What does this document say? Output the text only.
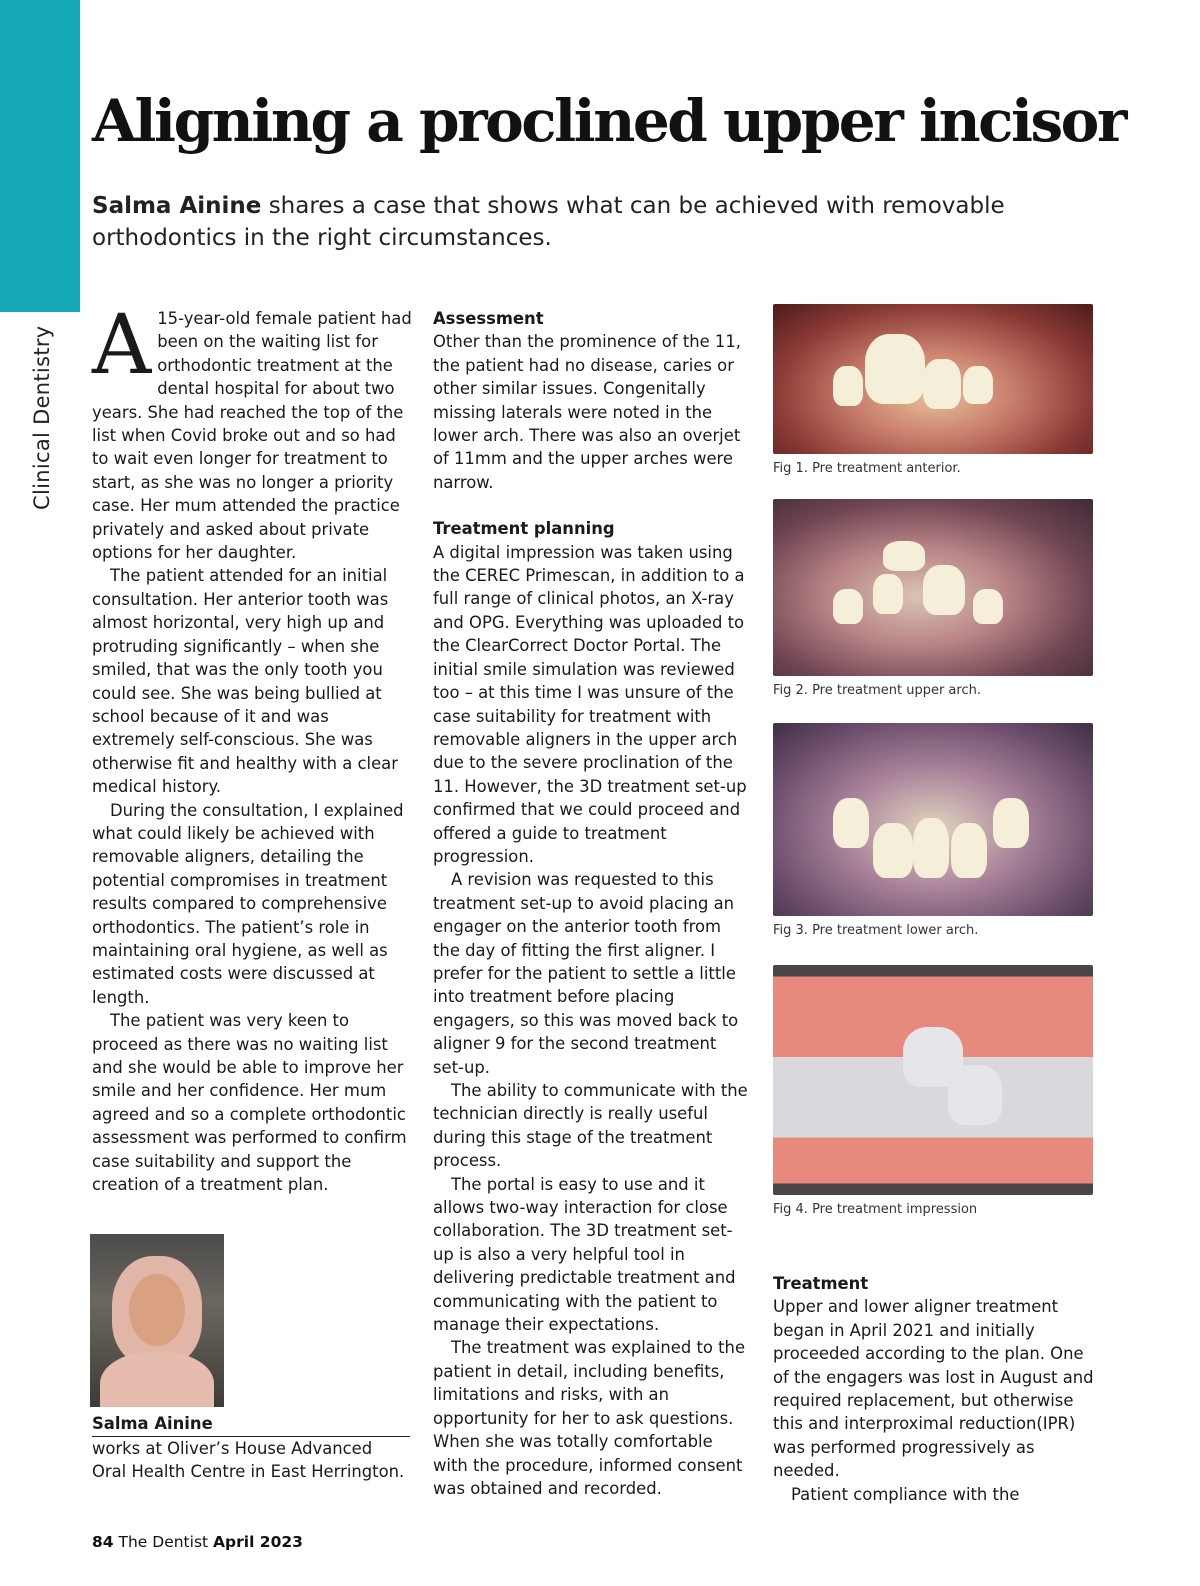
Clinical Dentistry
Aligning a proclined upper incisor
Salma Ainine shares a case that shows what can be achieved with removable orthodontics in the right circumstances.

A 15-year-old female patient had been on the waiting list for orthodontic treatment at the dental hospital for about two years. She had reached the top of the list when Covid broke out and so had to wait even longer for treatment to start, as she was no longer a priority case. Her mum attended the practice privately and asked about private options for her daughter.

The patient attended for an initial consultation. Her anterior tooth was almost horizontal, very high up and protruding significantly – when she smiled, that was the only tooth you could see. She was being bullied at school because of it and was extremely self-conscious. She was otherwise fit and healthy with a clear medical history.

During the consultation, I explained what could likely be achieved with removable aligners, detailing the potential compromises in treatment results compared to comprehensive orthodontics. The patient’s role in maintaining oral hygiene, as well as estimated costs were discussed at length.

The patient was very keen to proceed as there was no waiting list and she would be able to improve her smile and her confidence. Her mum agreed and so a complete orthodontic assessment was performed to confirm case suitability and support the creation of a treatment plan.

Assessment

Other than the prominence of the 11, the patient had no disease, caries or other similar issues. Congenitally missing laterals were noted in the lower arch. There was also an overjet of 11mm and the upper arches were narrow.

Treatment planning

A digital impression was taken using the CEREC Primescan, in addition to a full range of clinical photos, an X-ray and OPG. Everything was uploaded to the ClearCorrect Doctor Portal. The initial smile simulation was reviewed too – at this time I was unsure of the case suitability for treatment with removable aligners in the upper arch due to the severe proclination of the 11. However, the 3D treatment set-up confirmed that we could proceed and offered a guide to treatment progression.

A revision was requested to this treatment set-up to avoid placing an engager on the anterior tooth from the day of fitting the first aligner. I prefer for the patient to settle a little into treatment before placing engagers, so this was moved back to aligner 9 for the second treatment set-up.

The ability to communicate with the technician directly is really useful during this stage of the treatment process.

The portal is easy to use and it allows two-way interaction for close collaboration. The 3D treatment set-up is also a very helpful tool in delivering predictable treatment and communicating with the patient to manage their expectations.

The treatment was explained to the patient in detail, including benefits, limitations and risks, with an opportunity for her to ask questions. When she was totally comfortable with the procedure, informed consent was obtained and recorded.

Fig 1. Pre treatment anterior.
Fig 2. Pre treatment upper arch.
Fig 3. Pre treatment lower arch.
Fig 4. Pre treatment impression

Treatment

Upper and lower aligner treatment began in April 2021 and initially proceeded according to the plan. One of the engagers was lost in August and required replacement, but otherwise this and interproximal reduction(IPR) was performed progressively as needed.

Patient compliance with the

Salma Ainine
works at Oliver’s House Advanced Oral Health Centre in East Herrington.
84 The Dentist April 2023
